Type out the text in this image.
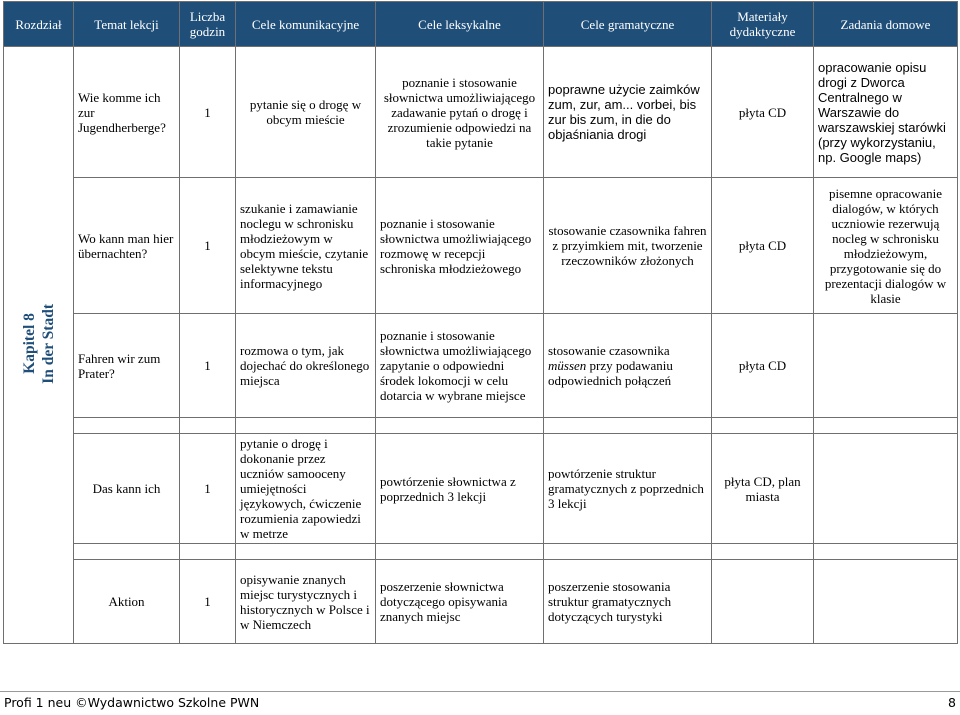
Rozdział	Temat lekcji	Liczba godzin	Cele komunikacyjne	Cele leksykalne	Cele gramatyczne	Materiały dydaktyczne	Zadania domowe
Kapitel 8
In der Stadt	Wie komme ich zur Jugendherberge?	1	pytanie się o drogę w obcym mieście	poznanie i stosowanie słownictwa umożliwiającego zadawanie pytań o drogę i zrozumienie odpowiedzi na takie pytanie	poprawne użycie zaimków zum, zur, am... vorbei, bis zur bis zum, in die do objaśniania drogi	płyta CD	opracowanie opisu drogi z Dworca Centralnego w Warszawie do warszawskiej starówki (przy wykorzystaniu, np. Google maps)
	Wo kann man hier übernachten?	1	szukanie i zamawianie noclegu w schronisku młodzieżowym w obcym mieście, czytanie selektywne tekstu informacyjnego	poznanie i stosowanie słownictwa umożliwiającego rozmowę w recepcji schroniska młodzieżowego	stosowanie czasownika fahren z przyimkiem mit, tworzenie rzeczowników złożonych	płyta CD	pisemne opracowanie dialogów, w których uczniowie rezerwują nocleg w schronisku młodzieżowym, przygotowanie się do prezentacji dialogów w klasie
	Fahren wir zum Prater?	1	rozmowa o tym, jak dojechać do określonego miejsca	poznanie i stosowanie słownictwa umożliwiającego zapytanie o odpowiedni środek lokomocji w celu dotarcia w wybrane miejsce	stosowanie czasownika müssen przy podawaniu odpowiednich połączeń	płyta CD	

	Das kann ich	1	pytanie o drogę i dokonanie przez uczniów samooceny umiejętności językowych, ćwiczenie rozumienia zapowiedzi w metrze	powtórzenie słownictwa z poprzednich 3 lekcji	powtórzenie struktur gramatycznych z poprzednich 3 lekcji	płyta CD, plan miasta	

	Aktion	1	opisywanie znanych miejsc turystycznych i historycznych w Polsce i w Niemczech	poszerzenie słownictwa dotyczącego opisywania znanych miejsc	poszerzenie stosowania struktur gramatycznych dotyczących turystyki		
Profi 1 neu ©Wydawnictwo Szkolne PWN	8
